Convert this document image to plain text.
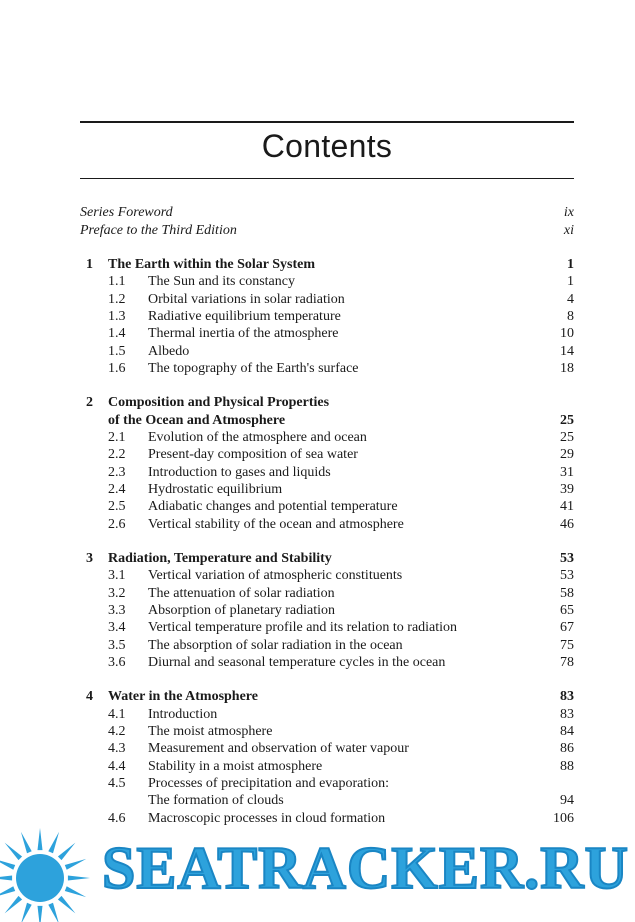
Contents
Series Foreword	ix
Preface to the Third Edition	xi
1 The Earth within the Solar System	1
1.1 The Sun and its constancy	1
1.2 Orbital variations in solar radiation	4
1.3 Radiative equilibrium temperature	8
1.4 Thermal inertia of the atmosphere	10
1.5 Albedo	14
1.6 The topography of the Earth's surface	18
2 Composition and Physical Properties
of the Ocean and Atmosphere	25
2.1 Evolution of the atmosphere and ocean	25
2.2 Present-day composition of sea water	29
2.3 Introduction to gases and liquids	31
2.4 Hydrostatic equilibrium	39
2.5 Adiabatic changes and potential temperature	41
2.6 Vertical stability of the ocean and atmosphere	46
3 Radiation, Temperature and Stability	53
3.1 Vertical variation of atmospheric constituents	53
3.2 The attenuation of solar radiation	58
3.3 Absorption of planetary radiation	65
3.4 Vertical temperature profile and its relation to radiation	67
3.5 The absorption of solar radiation in the ocean	75
3.6 Diurnal and seasonal temperature cycles in the ocean	78
4 Water in the Atmosphere	83
4.1 Introduction	83
4.2 The moist atmosphere	84
4.3 Measurement and observation of water vapour	86
4.4 Stability in a moist atmosphere	88
4.5 Processes of precipitation and evaporation:
The formation of clouds	94
4.6 Macroscopic processes in cloud formation	106
SEATRACKER.RU
